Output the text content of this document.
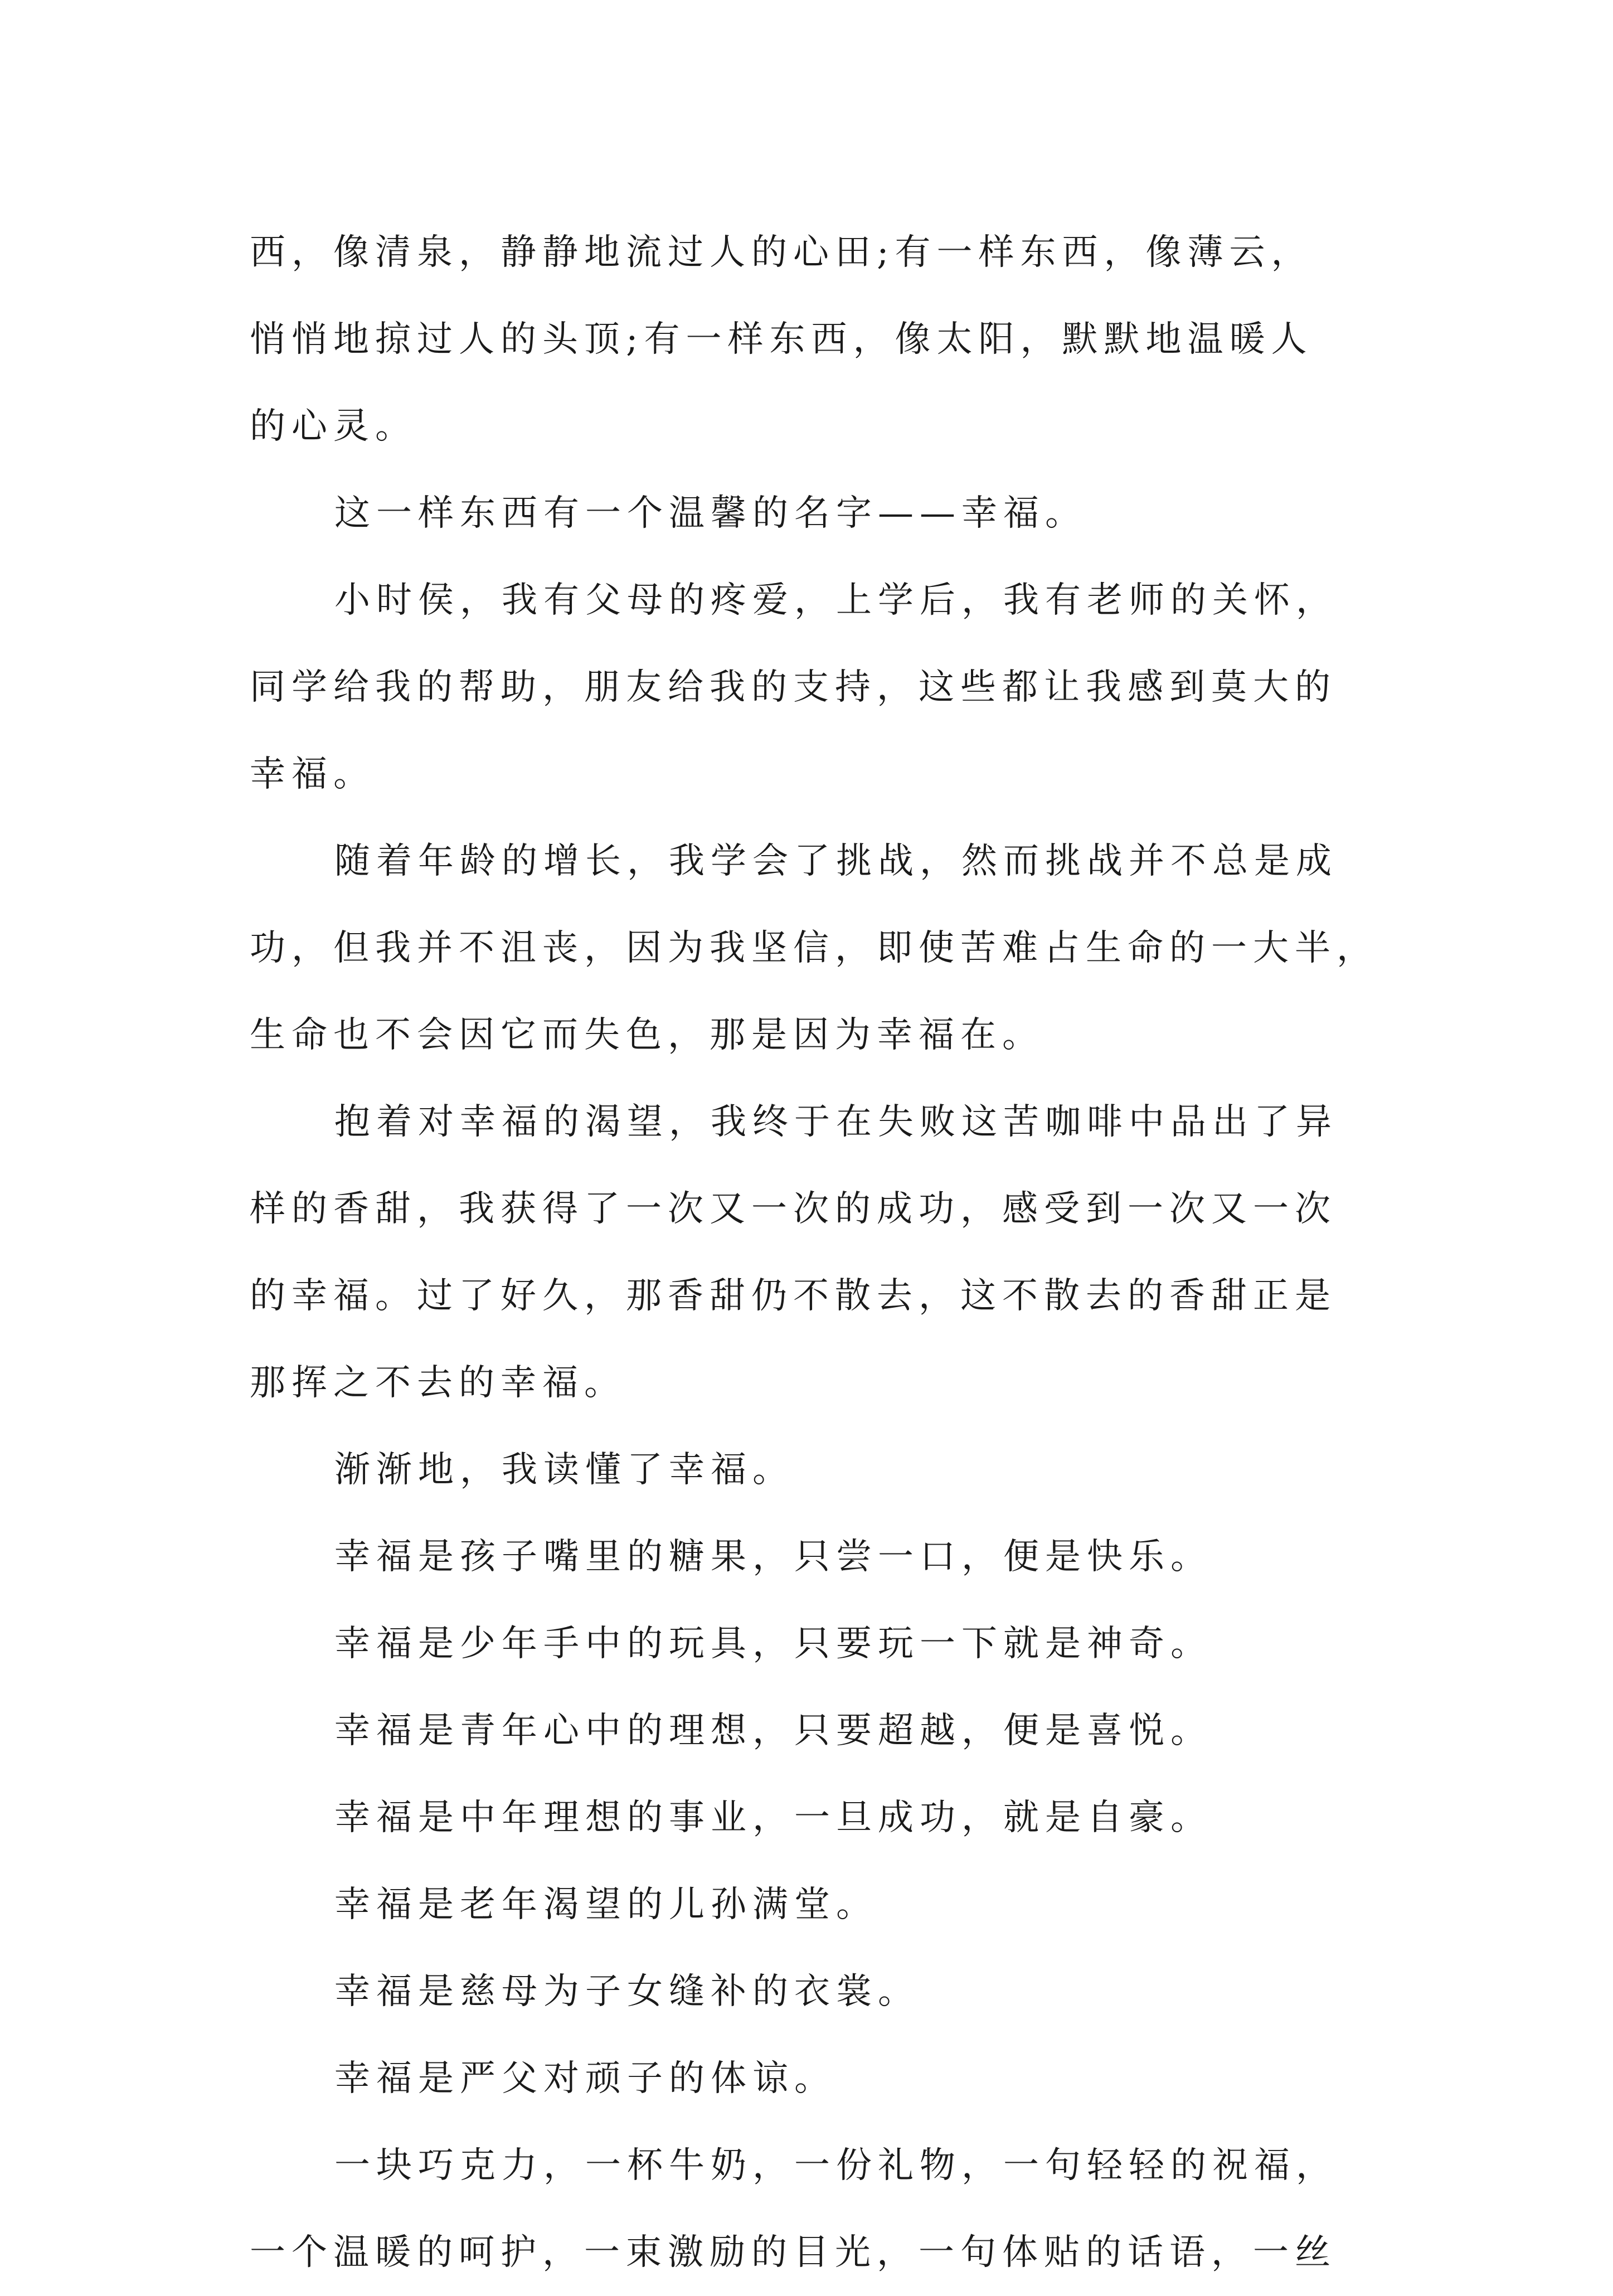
西，像清泉，静静地流过人的心田;有一样东西，像薄云，
悄悄地掠过人的头顶;有一样东西，像太阳，默默地温暖人
的心灵。
这一样东西有一个温馨的名字——幸福。
小时侯，我有父母的疼爱，上学后，我有老师的关怀，
同学给我的帮助，朋友给我的支持，这些都让我感到莫大的
幸福。
随着年龄的增长，我学会了挑战，然而挑战并不总是成
功，但我并不沮丧，因为我坚信，即使苦难占生命的一大半，
生命也不会因它而失色，那是因为幸福在。
抱着对幸福的渴望，我终于在失败这苦咖啡中品出了异
样的香甜，我获得了一次又一次的成功，感受到一次又一次
的幸福。过了好久，那香甜仍不散去，这不散去的香甜正是
那挥之不去的幸福。
渐渐地，我读懂了幸福。
幸福是孩子嘴里的糖果，只尝一口，便是快乐。
幸福是少年手中的玩具，只要玩一下就是神奇。
幸福是青年心中的理想，只要超越，便是喜悦。
幸福是中年理想的事业，一旦成功，就是自豪。
幸福是老年渴望的儿孙满堂。
幸福是慈母为子女缝补的衣裳。
幸福是严父对顽子的体谅。
一块巧克力，一杯牛奶，一份礼物，一句轻轻的祝福，
一个温暖的呵护，一束激励的目光，一句体贴的话语，一丝
